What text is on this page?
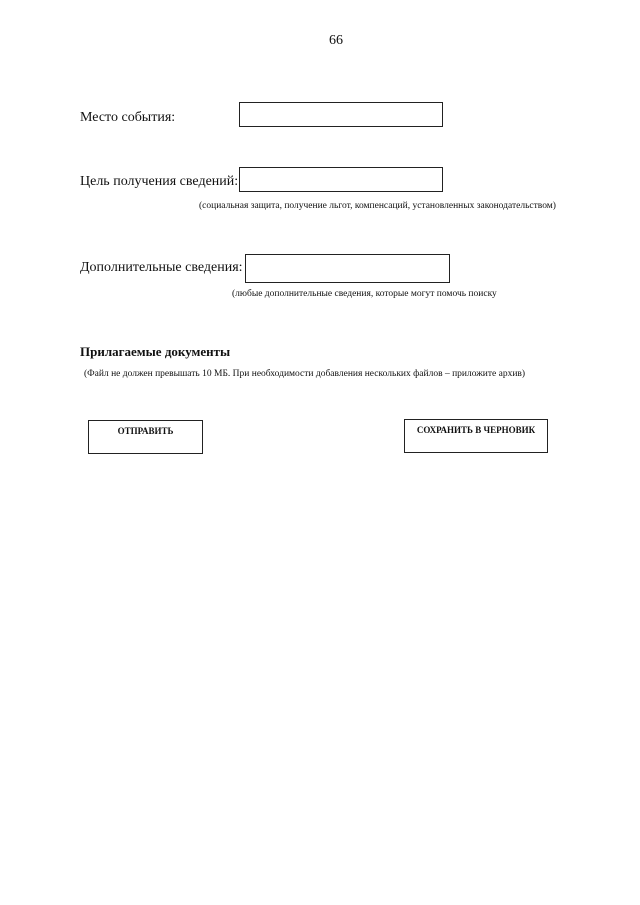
66
Место события:
Цель получения сведений:
(социальная защита, получение льгот, компенсаций, установленных законодательством)
Дополнительные сведения:
(любые дополнительные сведения, которые могут помочь поиску
Прилагаемые документы
(Файл не должен превышать 10 МБ. При необходимости добавления нескольких файлов – приложите архив)
ОТПРАВИТЬ	СОХРАНИТЬ В ЧЕРНОВИК
